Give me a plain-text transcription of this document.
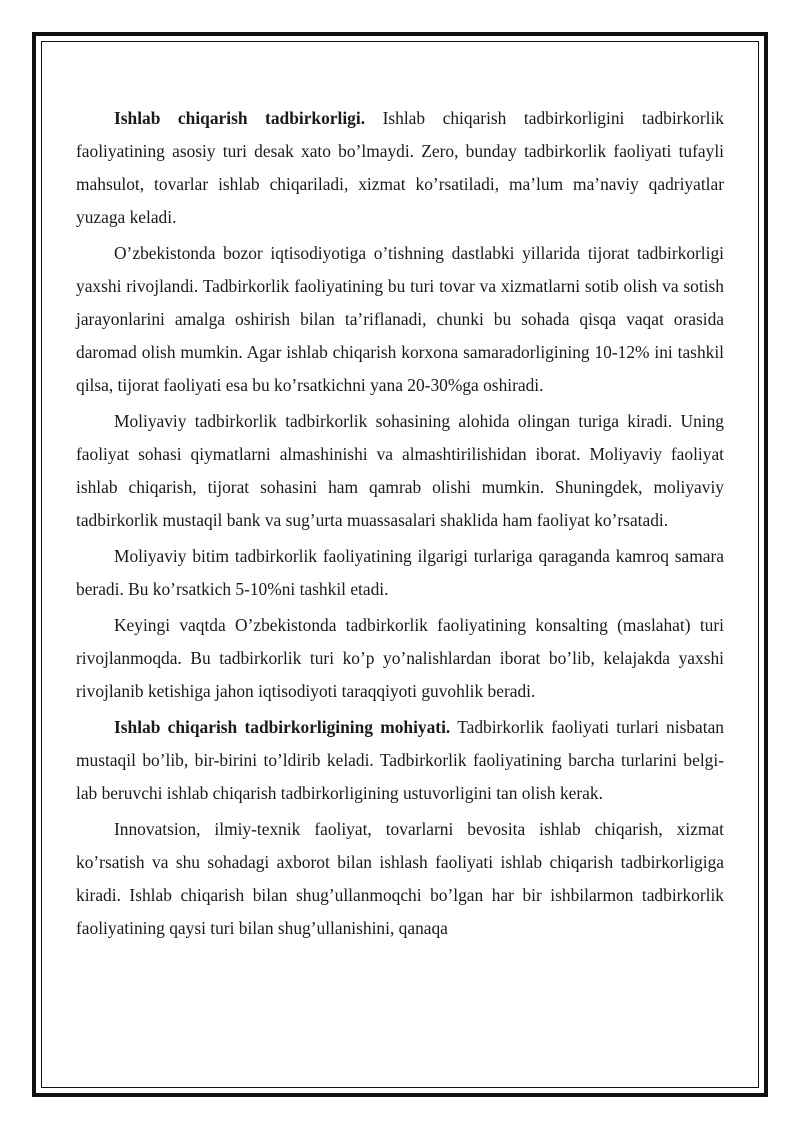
Ishlab chiqarish tadbirkorligi. Ishlab chiqarish tadbirkorligini tadbirkorlik faoliyatining asosiy turi desak xato bo’lmaydi. Zero, bunday tadbirkorlik faoliyati tufayli mahsulot, tovarlar ishlab chiqariladi, xizmat ko’rsatiladi, ma’lum ma’naviy qadriyatlar yuzaga keladi.

O’zbekistonda bozor iqtisodiyotiga o’tishning dastlabki yillarida tijorat tadbirkorligi yaxshi rivojlandi. Tadbirkorlik faoliyatining bu turi tovar va xizmatlarni sotib olish va sotish jarayonlarini amalga oshirish bilan ta’riflanadi, chunki bu sohada qisqa vaqat orasida daromad olish mumkin. Agar ishlab chiqarish korxona samaradorligining 10-12% ini tashkil qilsa, tijorat faoliyati esa bu ko’rsatkichni yana 20-30%ga oshiradi.

Moliyaviy tadbirkorlik tadbirkorlik sohasining alohida olingan turiga kiradi. Uning faoliyat sohasi qiymatlarni almashinishi va almashtirilishidan iborat. Moliyaviy faoliyat ishlab chiqarish, tijorat sohasini ham qamrab olishi mumkin. Shuningdek, moliyaviy tadbirkorlik mustaqil bank va sug’urta muassasalari shaklida ham faoliyat ko’rsatadi.

Moliyaviy bitim tadbirkorlik faoliyatining ilgarigi turlariga qaraganda kamroq samara beradi. Bu ko’rsatkich 5-10%ni tashkil etadi.

Keyingi vaqtda O’zbekistonda tadbirkorlik faoliyatining konsalting (maslahat) turi rivojlanmoqda. Bu tadbirkorlik turi ko’p yo’nalishlardan iborat bo’lib, kelajakda yaxshi rivojlanib ketishiga jahon iqtisodiyoti taraqqiyoti guvohlik beradi.

Ishlab chiqarish tadbirkorligining mohiyati. Tadbirkorlik faoliyati turlari nisbatan mustaqil bo’lib, bir-birini to’ldirib keladi. Tadbirkorlik faoliyatining barcha turlarini belgi-lab beruvchi ishlab chiqarish tadbirkorligining ustuvorligini tan olish kerak.

Innovatsion, ilmiy-texnik faoliyat, tovarlarni bevosita ishlab chiqarish, xizmat ko’rsatish va shu sohadagi axborot bilan ishlash faoliyati ishlab chiqarish tadbirkorligiga kiradi. Ishlab chiqarish bilan shug’ullanmoqchi bo’lgan har bir ishbilarmon tadbirkorlik faoliyatining qaysi turi bilan shug’ullanishini, qanaqa
